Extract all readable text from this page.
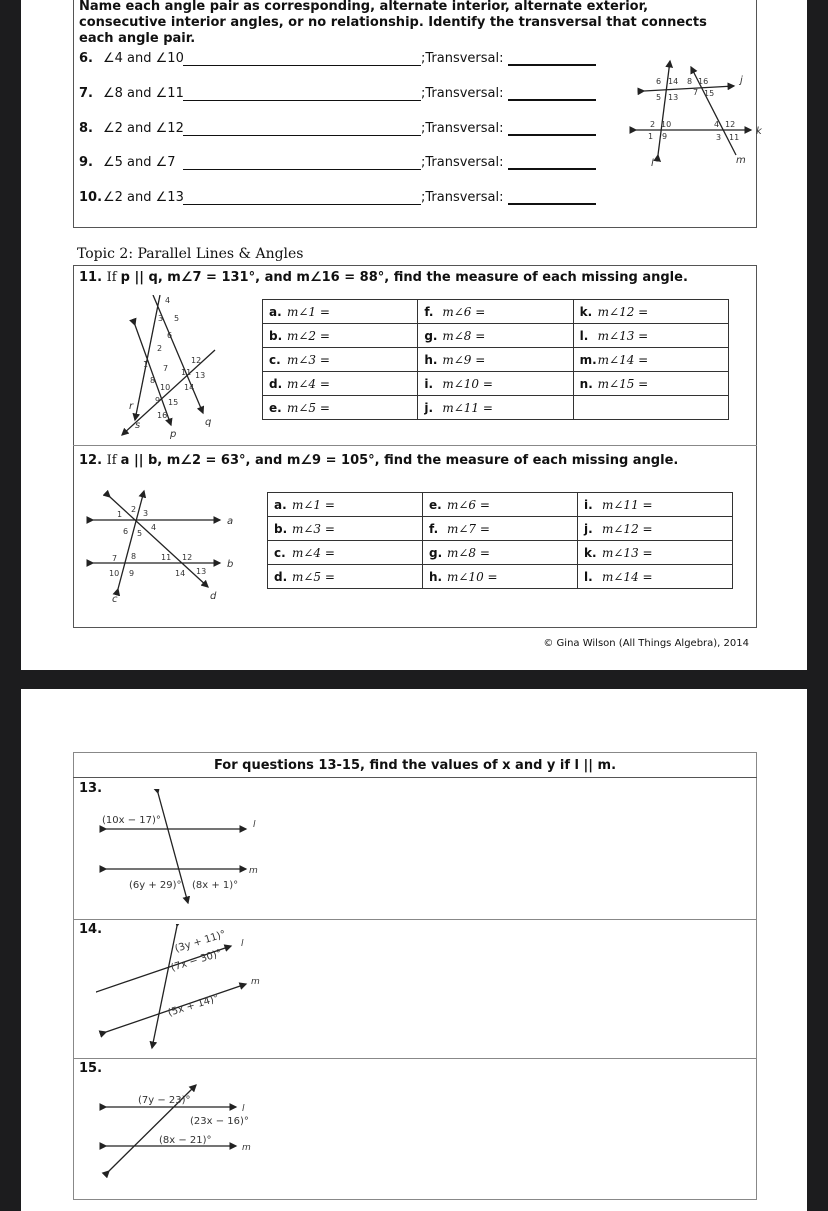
Name each angle pair as corresponding, alternate interior, alternate exterior, consecutive interior angles, or no relationship. Identify the transversal that connects each angle pair.
6. ∠4 and ∠10	;Transversal:
7. ∠8 and ∠11	;Transversal:
8. ∠2 and ∠12	;Transversal:
9. ∠5 and ∠7	;Transversal:
10.∠2 and ∠13	;Transversal:
6 14 8 16
5 13
7 15
2 10	4 12
1 9	3 11
j
k
l	m
Topic 2: Parallel Lines & Angles
11. If p || q, m∠7 = 131°, and m∠16 = 88°, find the measure of each missing angle.
4
3 5
6
2
1 7
8
12
11 13
10 14
9 15
16
r
s
p
q
a. m∠1 =	f. m∠6 =	k. m∠12 =
b. m∠2 =	g. m∠8 =	l. m∠13 =
c. m∠3 =	h. m∠9 =	m.m∠14 =
d. m∠4 =	i. m∠10 =	n. m∠15 =
e. m∠5 =	j. m∠11 =	
12. If a || b, m∠2 = 63°, and m∠9 = 105°, find the measure of each missing angle.
1
2 3
4
6 5
7 8	11 12
10 9	14 13
a
b
c	d
a. m∠1 =	e. m∠6 =	i. m∠11 =
b. m∠3 =	f. m∠7 =	j. m∠12 =
c. m∠4 =	g. m∠8 =	k. m∠13 =
d. m∠5 =	h. m∠10 =	l. m∠14 =
© Gina Wilson (All Things Algebra), 2014
For questions 13-15, find the values of x and y if l || m.
13.
(10x − 17)°
(6y + 29)° (8x + 1)°
l
m
14.	(3y + 11)°
(7x − 30)°
(5x + 14)°
l
m
15.
(7y − 23)°
(23x − 16)°
(8x − 21)°
l
m
